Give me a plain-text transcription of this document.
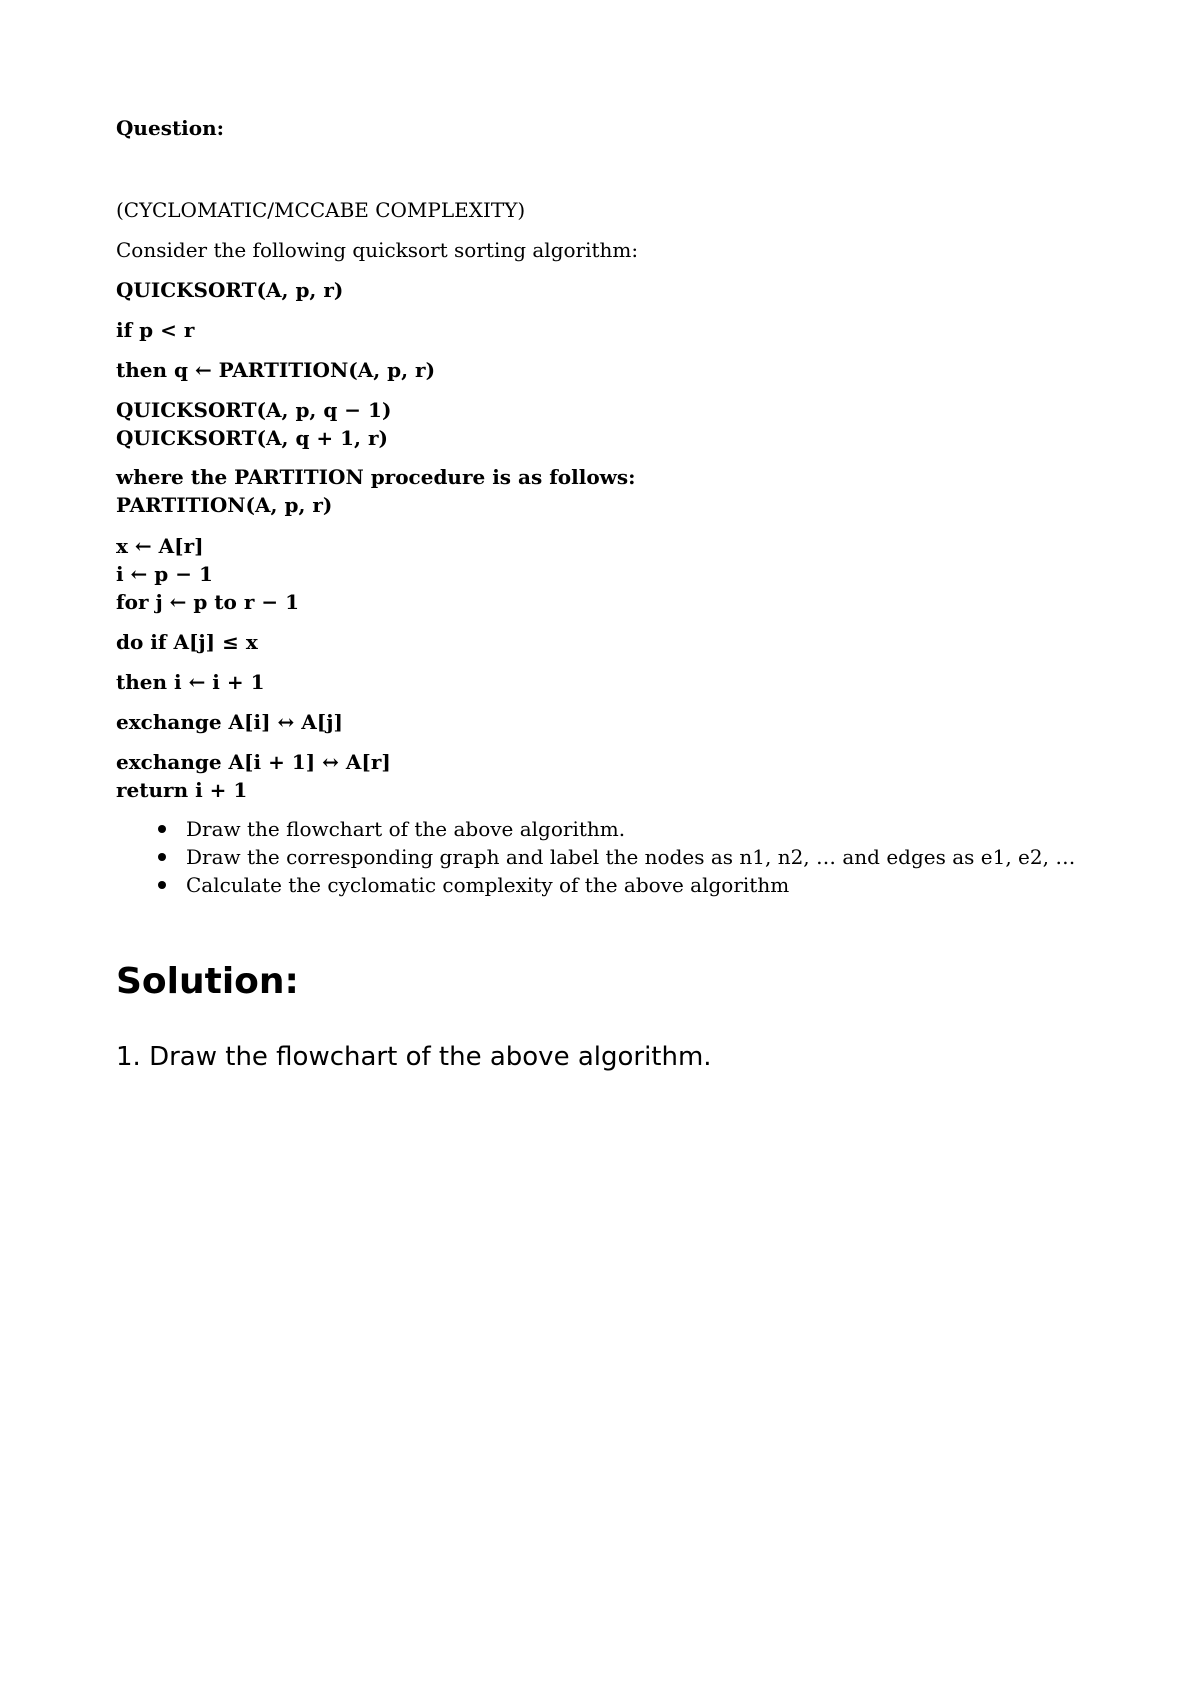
Question:
(CYCLOMATIC/MCCABE COMPLEXITY)
Consider the following quicksort sorting algorithm:
QUICKSORT(A, p, r)
if p < r
then q ← PARTITION(A, p, r)
QUICKSORT(A, p, q − 1)
QUICKSORT(A, q + 1, r)
where the PARTITION procedure is as follows:
PARTITION(A, p, r)
x ← A[r]
i ← p − 1
for j ← p to r − 1
do if A[j] ≤ x
then i ← i + 1
exchange A[i] ↔ A[j]
exchange A[i + 1] ↔ A[r]
return i + 1
Draw the flowchart of the above algorithm.
Draw the corresponding graph and label the nodes as n1, n2, … and edges as e1, e2, …
Calculate the cyclomatic complexity of the above algorithm
Solution:
1. Draw the flowchart of the above algorithm.
